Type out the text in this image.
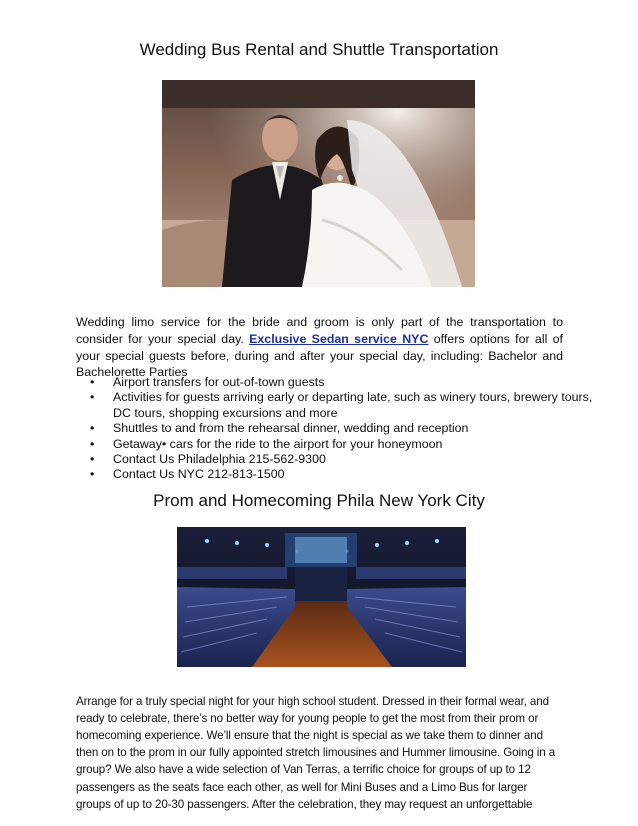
Wedding Bus Rental and Shuttle Transportation

Wedding limo service for the bride and groom is only part of the transportation to consider for your special day. Exclusive Sedan service NYC offers options for all of your special guests before, during and after your special day, including: Bachelor and Bachelorette Parties

• Airport transfers for out-of-town guests
• Activities for guests arriving early or departing late, such as winery tours, brewery tours, DC tours, shopping excursions and more
• Shuttles to and from the rehearsal dinner, wedding and reception
• Getaway• cars for the ride to the airport for your honeymoon
• Contact Us Philadelphia 215-562-9300
• Contact Us NYC 212-813-1500
Prom and Homecoming Phila New York City

Arrange for a truly special night for your high school student. Dressed in their formal wear, and ready to celebrate, there’s no better way for young people to get the most from their prom or homecoming experience. We’ll ensure that the night is special as we take them to dinner and then on to the prom in our fully appointed stretch limousines and Hummer limousine. Going in a group? We also have a wide selection of Van Terras, a terrific choice for groups of up to 12 passengers as the seats face each other, as well for Mini Buses and a Limo Bus for larger groups of up to 20-30 passengers. After the celebration, they may request an unforgettable
